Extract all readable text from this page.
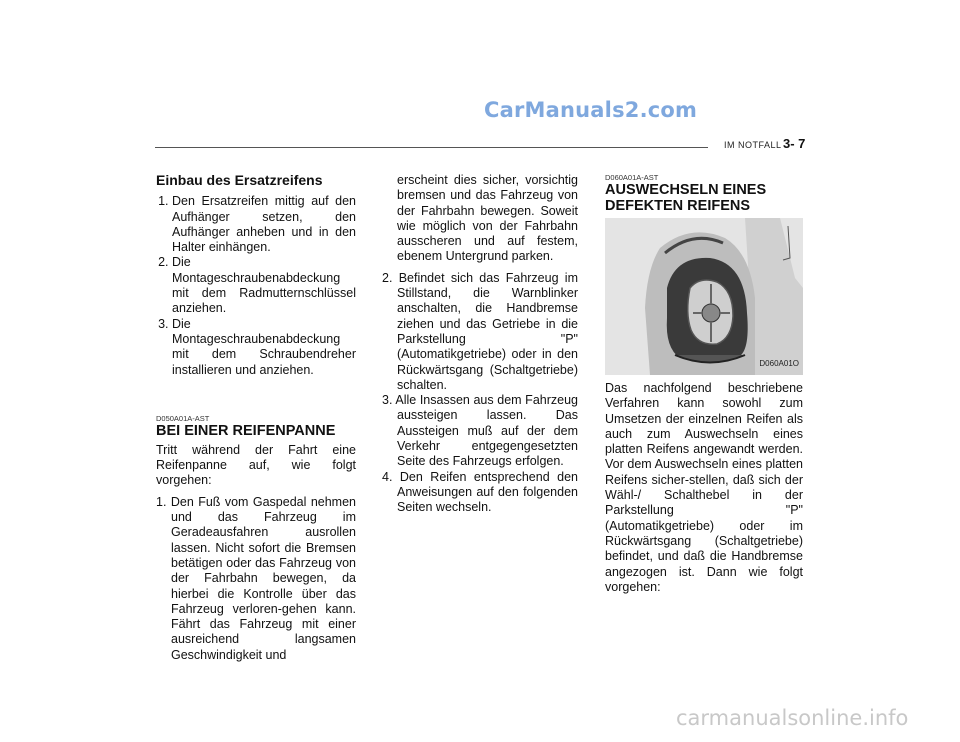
CarManuals2.com
IM NOTFALL 3- 7
Einbau des Ersatzreifens
1. Den Ersatzreifen mittig auf den Aufhänger setzen, den Aufhänger anheben und in den Halter einhängen.
2. Die Montageschraubenabdeckung mit dem Radmutternschlüssel anziehen.
3. Die Montageschraubenabdeckung mit dem Schraubendreher installieren und anziehen.
D050A01A-AST
BEI EINER REIFENPANNE

Tritt während der Fahrt eine Reifenpanne auf, wie folgt vorgehen:

1. Den Fuß vom Gaspedal nehmen und das Fahrzeug im Geradeausfahren ausrollen lassen. Nicht sofort die Bremsen betätigen oder das Fahrzeug von der Fahrbahn bewegen, da hierbei die Kontrolle über das Fahrzeug verloren-gehen kann. Fährt das Fahrzeug mit einer ausreichend langsamen Geschwindigkeit und

erscheint dies sicher, vorsichtig bremsen und das Fahrzeug von der Fahrbahn bewegen. Soweit wie möglich von der Fahrbahn ausscheren und auf festem, ebenem Untergrund parken.

2. Befindet sich das Fahrzeug im Stillstand, die Warnblinker anschalten, die Handbremse ziehen und das Getriebe in die Parkstellung "P" (Automatikgetriebe) oder in den Rückwärtsgang (Schaltgetriebe) schalten.
3. Alle Insassen aus dem Fahrzeug aussteigen lassen. Das Aussteigen muß auf der dem Verkehr entgegengesetzten Seite des Fahrzeugs erfolgen.
4. Den Reifen entsprechend den Anweisungen auf den folgenden Seiten wechseln.
D060A01A-AST
AUSWECHSELN EINES DEFEKTEN REIFENS
D060A01O

Das nachfolgend beschriebene Verfahren kann sowohl zum Umsetzen der einzelnen Reifen als auch zum Auswechseln eines platten Reifens angewandt werden. Vor dem Auswechseln eines platten Reifens sicher-stellen, daß sich der Wähl-/ Schalthebel in der Parkstellung "P" (Automatikgetriebe) oder im Rückwärtsgang (Schaltgetriebe) befindet, und daß die Handbremse angezogen ist. Dann wie folgt vorgehen:

carmanualsonline.info
